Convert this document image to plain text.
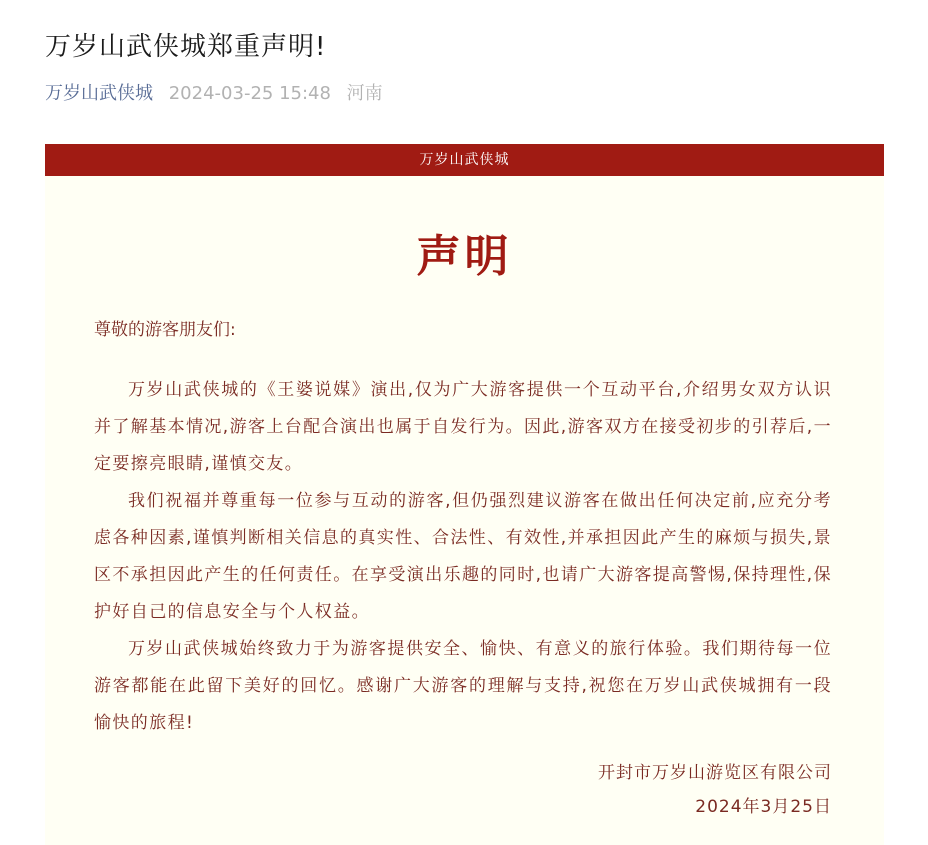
万岁山武侠城郑重声明!
万岁山武侠城 2024-03-25 15:48 河南
万岁山武侠城
声明
尊敬的游客朋友们:

万岁山武侠城的《王婆说媒》演出,仅为广大游客提供一个互动平台,介绍男女双方认识并了解基本情况,游客上台配合演出也属于自发行为。因此,游客双方在接受初步的引荐后,一定要擦亮眼睛,谨慎交友。

我们祝福并尊重每一位参与互动的游客,但仍强烈建议游客在做出任何决定前,应充分考虑各种因素,谨慎判断相关信息的真实性、合法性、有效性,并承担因此产生的麻烦与损失,景区不承担因此产生的任何责任。在享受演出乐趣的同时,也请广大游客提高警惕,保持理性,保护好自己的信息安全与个人权益。

万岁山武侠城始终致力于为游客提供安全、愉快、有意义的旅行体验。我们期待每一位游客都能在此留下美好的回忆。感谢广大游客的理解与支持,祝您在万岁山武侠城拥有一段愉快的旅程!

开封市万岁山游览区有限公司
2024年3月25日
